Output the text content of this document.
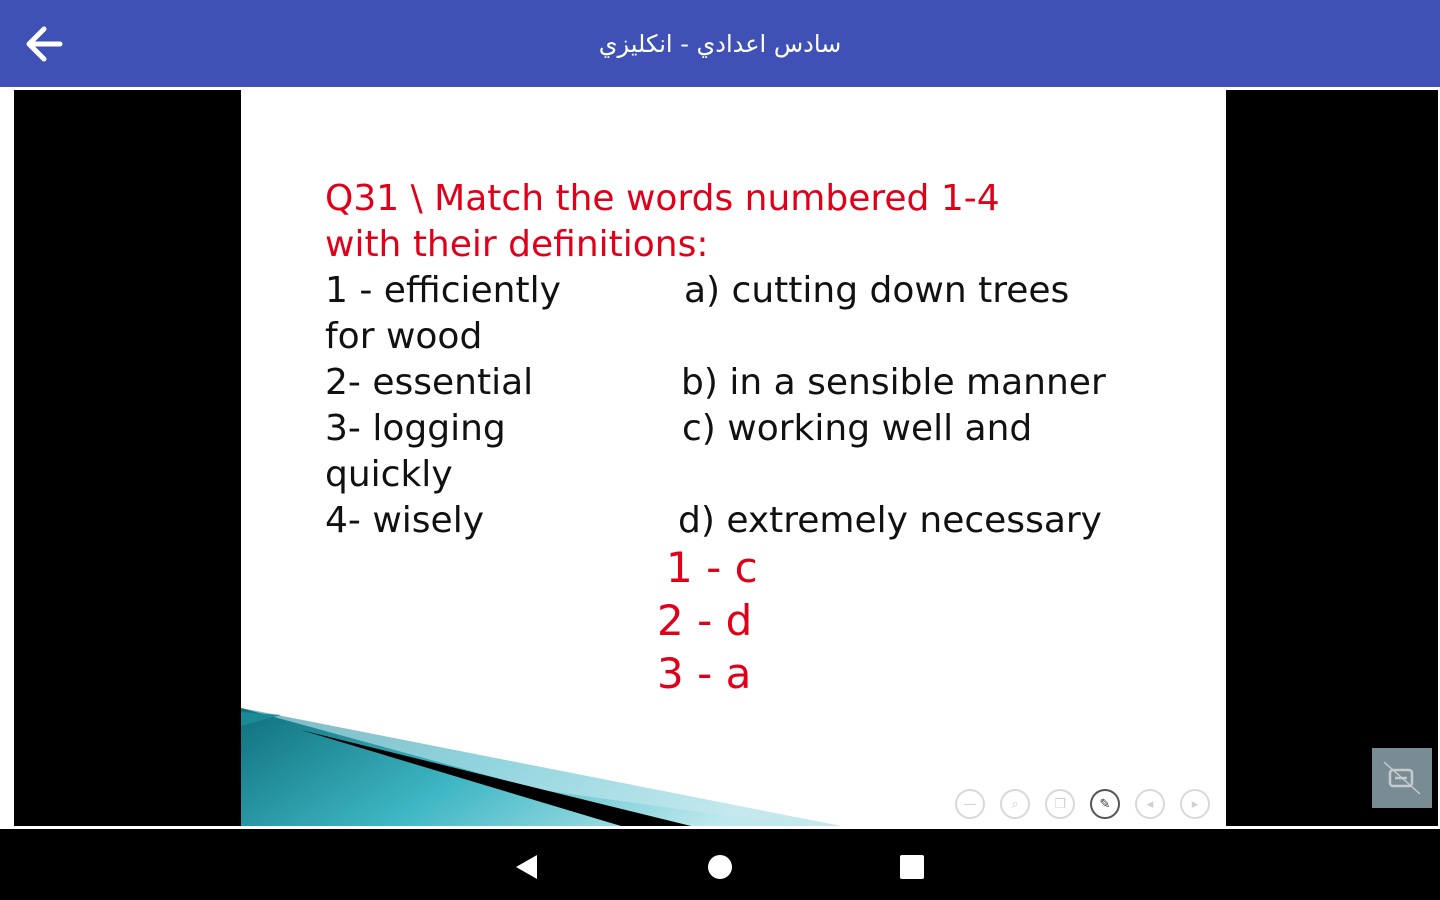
سادس اعدادي - انكليزي
Q31 \ Match the words numbered 1-4
with their definitions:
1 - efficiently	a) cutting down trees
for wood
2- essential	b) in a sensible manner
3- logging	c) working well and
quickly
4- wisely	d) extremely necessary
1 - c
2 - d
3 - a
—	⌕	❐	✎	◂	▸
